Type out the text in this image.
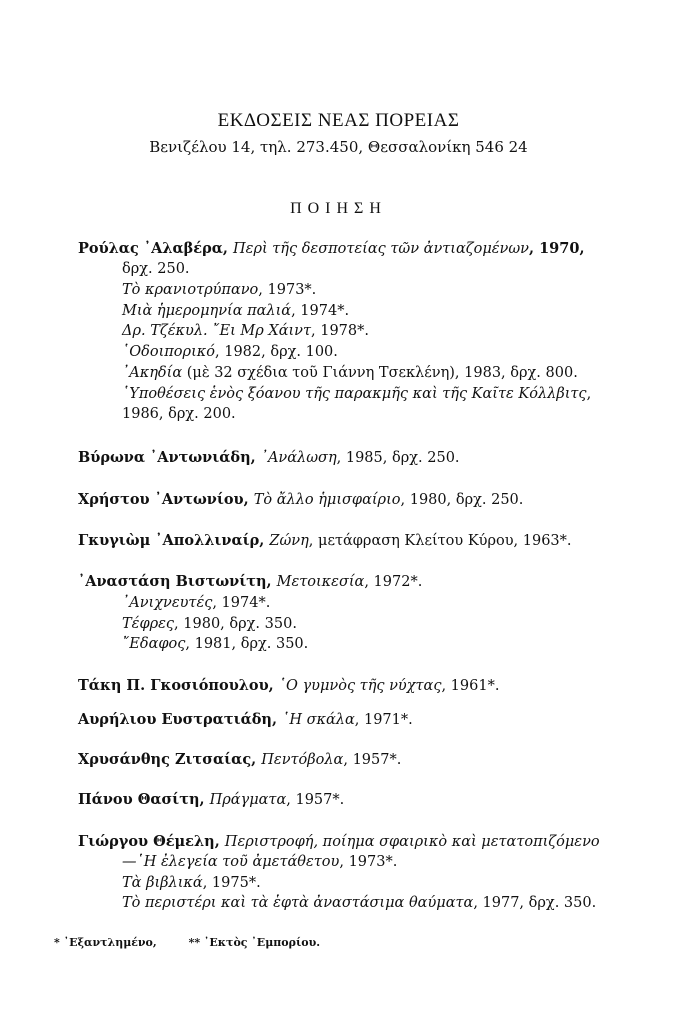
ΕΚΔΟΣΕΙΣ ΝΕΑΣ ΠΟΡΕΙΑΣ
Βενιζέλου 14, τηλ. 273.450, Θεσσαλονίκη 546 24
ΠΟΙΗΣΗ
Ρούλας ᾿Αλαβέρα, Περὶ τῆς δεσποτείας τῶν ἀντιαζομένων, 1970,
δρχ. 250.
Τὸ κρανιοτρύπανο, 1973*.
Μιὰ ἡμερομηνία παλιά, 1974*.
Δρ. Τζέκυλ. ῎Ει Μρ Χάιντ, 1978*.
῾Οδοιπορικό, 1982, δρχ. 100.
᾿Ακηδία (μὲ 32 σχέδια τοῦ Γιάννη Τσεκλένη), 1983, δρχ. 800.
῾Υποθέσεις ἑνὸς ξόανου τῆς παρακμῆς καὶ τῆς Καῖτε Κόλλβιτς,
1986, δρχ. 200.
Βύρωνα ᾿Αντωνιάδη, ᾿Ανάλωση, 1985, δρχ. 250.
Χρήστου ᾿Αντωνίου, Τὸ ἄλλο ἡμισφαίριο, 1980, δρχ. 250.
Γκυγιὼμ ᾿Απολλιναίρ, Ζώνη, μετάφραση Κλείτου Κύρου, 1963*.
᾿Αναστάση Βιστωνίτη, Μετοικεσία, 1972*.
᾿Ανιχνευτές, 1974*.
Τέφρες, 1980, δρχ. 350.
῎Εδαφος, 1981, δρχ. 350.
Τάκη Π. Γκοσιόπουλου, ῾Ο γυμνὸς τῆς νύχτας, 1961*.
Αυρήλιου Ευστρατιάδη, ῾Η σκάλα, 1971*.
Χρυσάνθης Ζιτσαίας, Πεντόβολα, 1957*.
Πάνου Θασίτη, Πράγματα, 1957*.
Γιώργου Θέμελη, Περιστροφή, ποίημα σφαιρικὸ καὶ μετατοπιζόμενο
—῾Η ἐλεγεία τοῦ ἀμετάθετου, 1973*.
Τὰ βιβλικά, 1975*.
Τὸ περιστέρι καὶ τὰ ἑφτὰ ἀναστάσιμα θαύματα, 1977, δρχ. 350.
* ᾿Εξαντλημένο,	** ᾿Εκτὸς ᾿Εμπορίου.
